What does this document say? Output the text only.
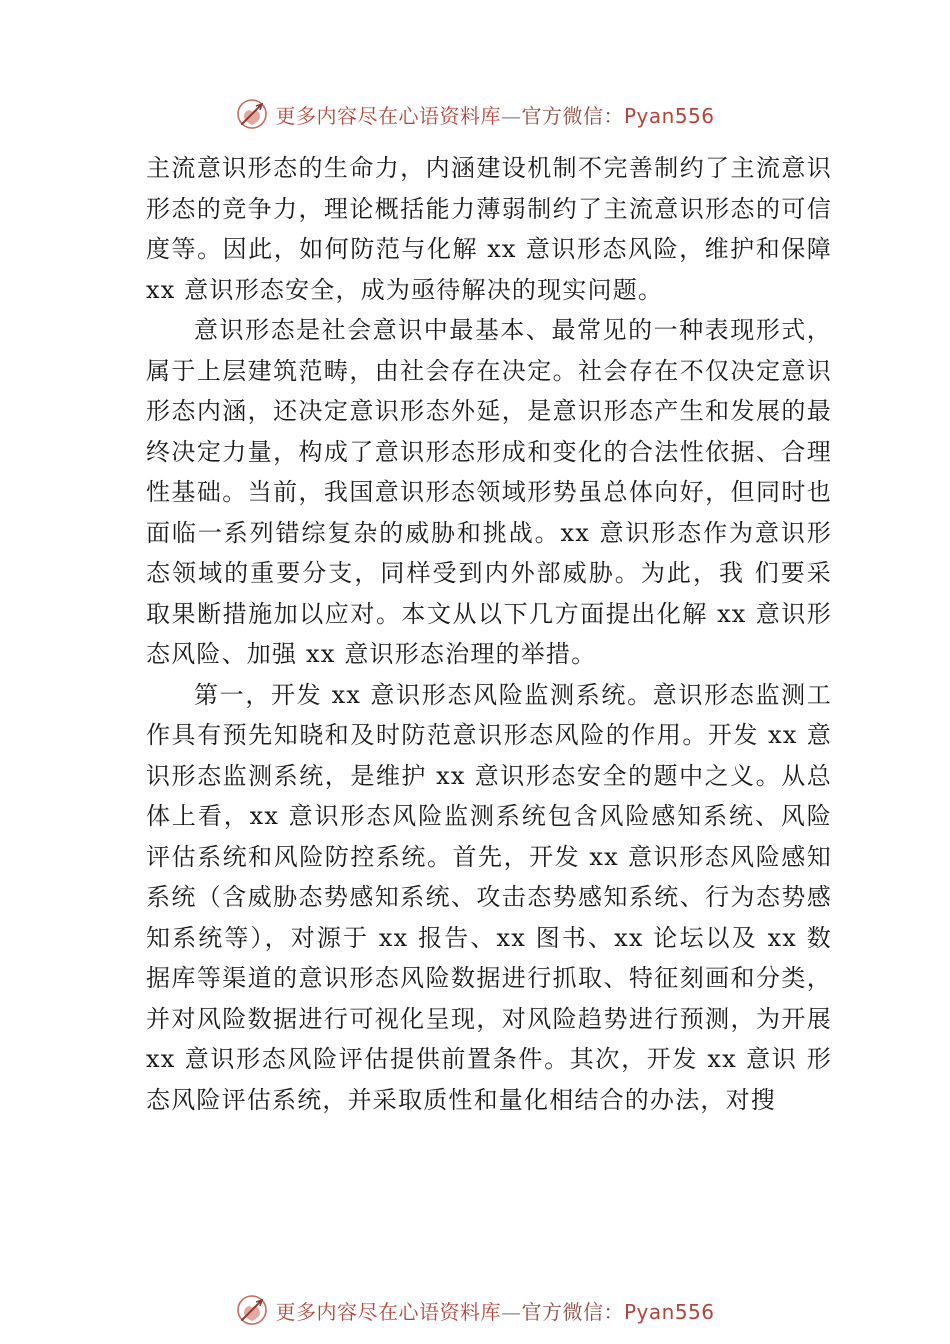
更多内容尽在心语资料库—官方微信：Pyan556

主流意识形态的生命力，内涵建设机制不完善制约了主流意识形态的竞争力，理论概括能力薄弱制约了主流意识形态的可信度等。因此，如何防范与化解 xx 意识形态风险，维护和保障 xx 意识形态安全，成为亟待解决的现实问题。

意识形态是社会意识中最基本、最常见的一种表现形式，属于上层建筑范畴，由社会存在决定。社会存在不仅决定意识形态内涵，还决定意识形态外延，是意识形态产生和发展的最终决定力量，构成了意识形态形成和变化的合法性依据、合理性基础。当前，我国意识形态领域形势虽总体向好，但同时也面临一系列错综复杂的威胁和挑战。xx 意识形态作为意识形态领域的重要分支，同样受到内外部威胁。为此，我 们要采取果断措施加以应对。本文从以下几方面提出化解 xx 意识形态风险、加强 xx 意识形态治理的举措。

第一，开发 xx 意识形态风险监测系统。意识形态监测工作具有预先知晓和及时防范意识形态风险的作用。开发 xx 意识形态监测系统，是维护 xx 意识形态安全的题中之义。从总 体上看，xx 意识形态风险监测系统包含风险感知系统、风险评估系统和风险防控系统。首先，开发 xx 意识形态风险感知 系统（含威胁态势感知系统、攻击态势感知系统、行为态势感知系统等），对源于 xx 报告、xx 图书、xx 论坛以及 xx 数 据库等渠道的意识形态风险数据进行抓取、特征刻画和分类， 并对风险数据进行可视化呈现，对风险趋势进行预测，为开展 xx 意识形态风险评估提供前置条件。其次，开发 xx 意识 形态风险评估系统，并采取质性和量化相结合的办法，对搜

更多内容尽在心语资料库—官方微信：Pyan556
